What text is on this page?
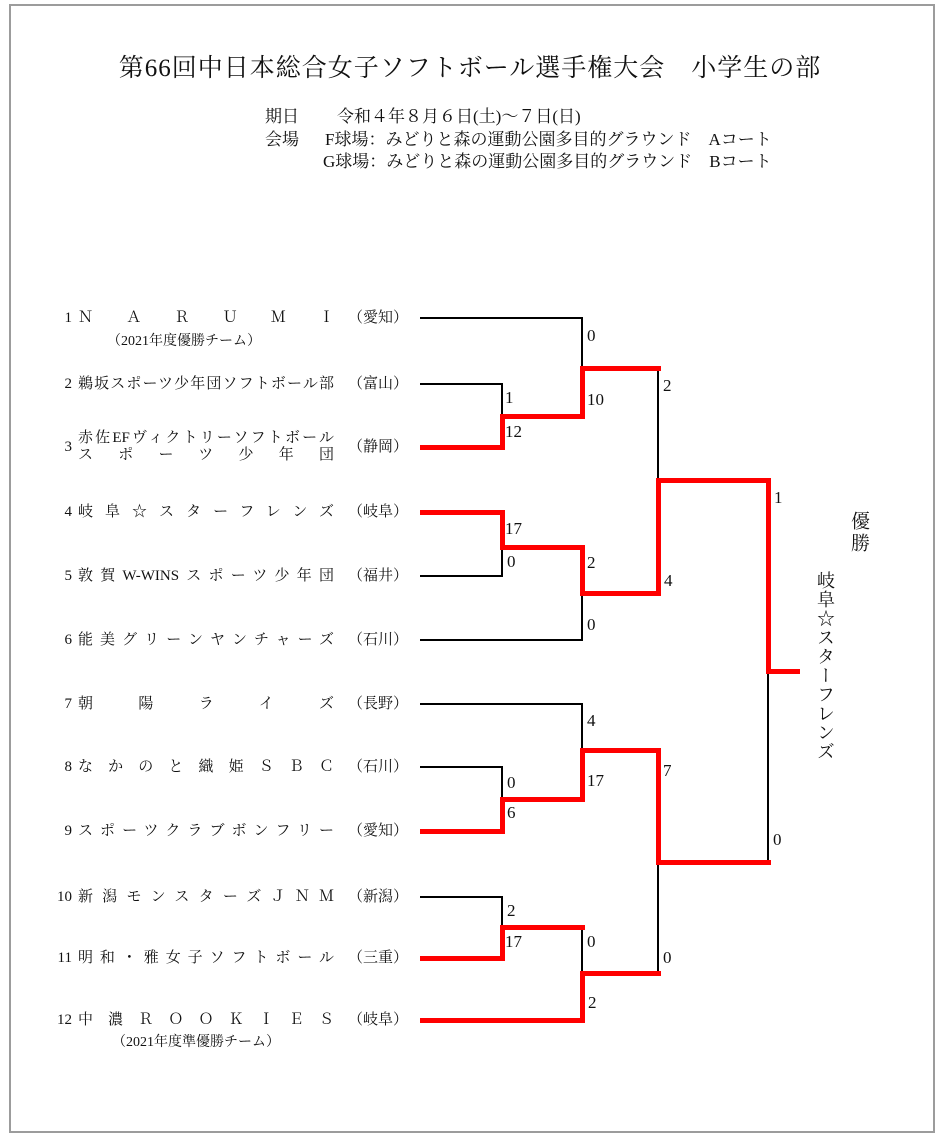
第66回中日本総合女子ソフトボール選手権大会　小学生の部
期日 令和４年８月６日(土)～７日(日)
会場 F球場：みどりと森の運動公園多目的グラウンド　Aコート
G球場：みどりと森の運動公園多目的グラウンド　Bコート
1 ＮＡＲＵＭＩ （愛知）
（2021年度優勝チーム）
2 鵜坂スポーツ少年団ソフトボール部 （富山）
3
赤佐EFヴィクトリーソフトボール
スポーツ少年団
（静岡）
4 岐阜☆スターフレンズ （岐阜）
5 敦賀W-WINSスポーツ少年団 （福井）
6 能美グリーンヤンチャーズ （石川）
7 朝陽ライズ （長野）
8 なかのと織姫ＳＢＣ （石川）
9 スポーツクラブボンフリー （愛知）
10 新潟モンスターズＪＮＭ （新潟）
11 明和・雅女子ソフトボール （三重）
12 中濃ＲＯＯＫＩＥＳ （岐阜）
（2021年度準優勝チーム）
1
12
17
0
0
6
2
17
0
10
2
0
4
17
0
2
2
4
7
0
1
0
優勝
岐阜☆スターフレンズ
